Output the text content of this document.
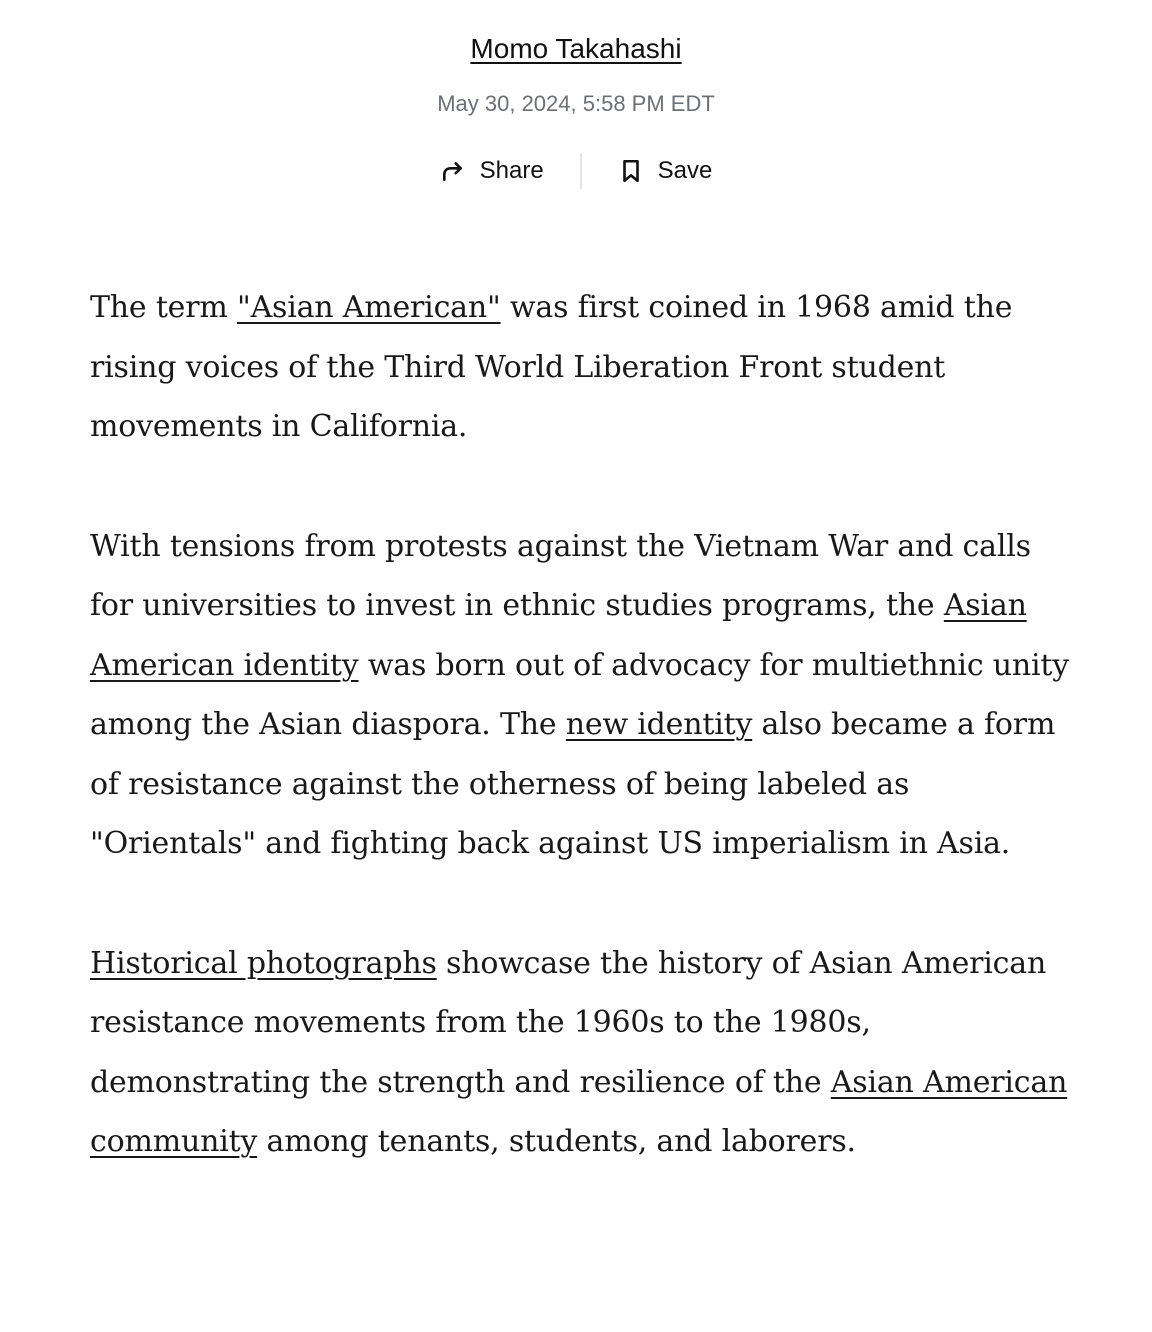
Momo Takahashi

May 30, 2024, 5:58 PM EDT

Share	Save

The term "Asian American" was first coined in 1968 amid the rising voices of the Third World Liberation Front student movements in California.

With tensions from protests against the Vietnam War and calls for universities to invest in ethnic studies programs, the Asian American identity was born out of advocacy for multiethnic unity among the Asian diaspora. The new identity also became a form of resistance against the otherness of being labeled as "Orientals" and fighting back against US imperialism in Asia.

Historical photographs showcase the history of Asian American resistance movements from the 1960s to the 1980s, demonstrating the strength and resilience of the Asian American community among tenants, students, and laborers.
